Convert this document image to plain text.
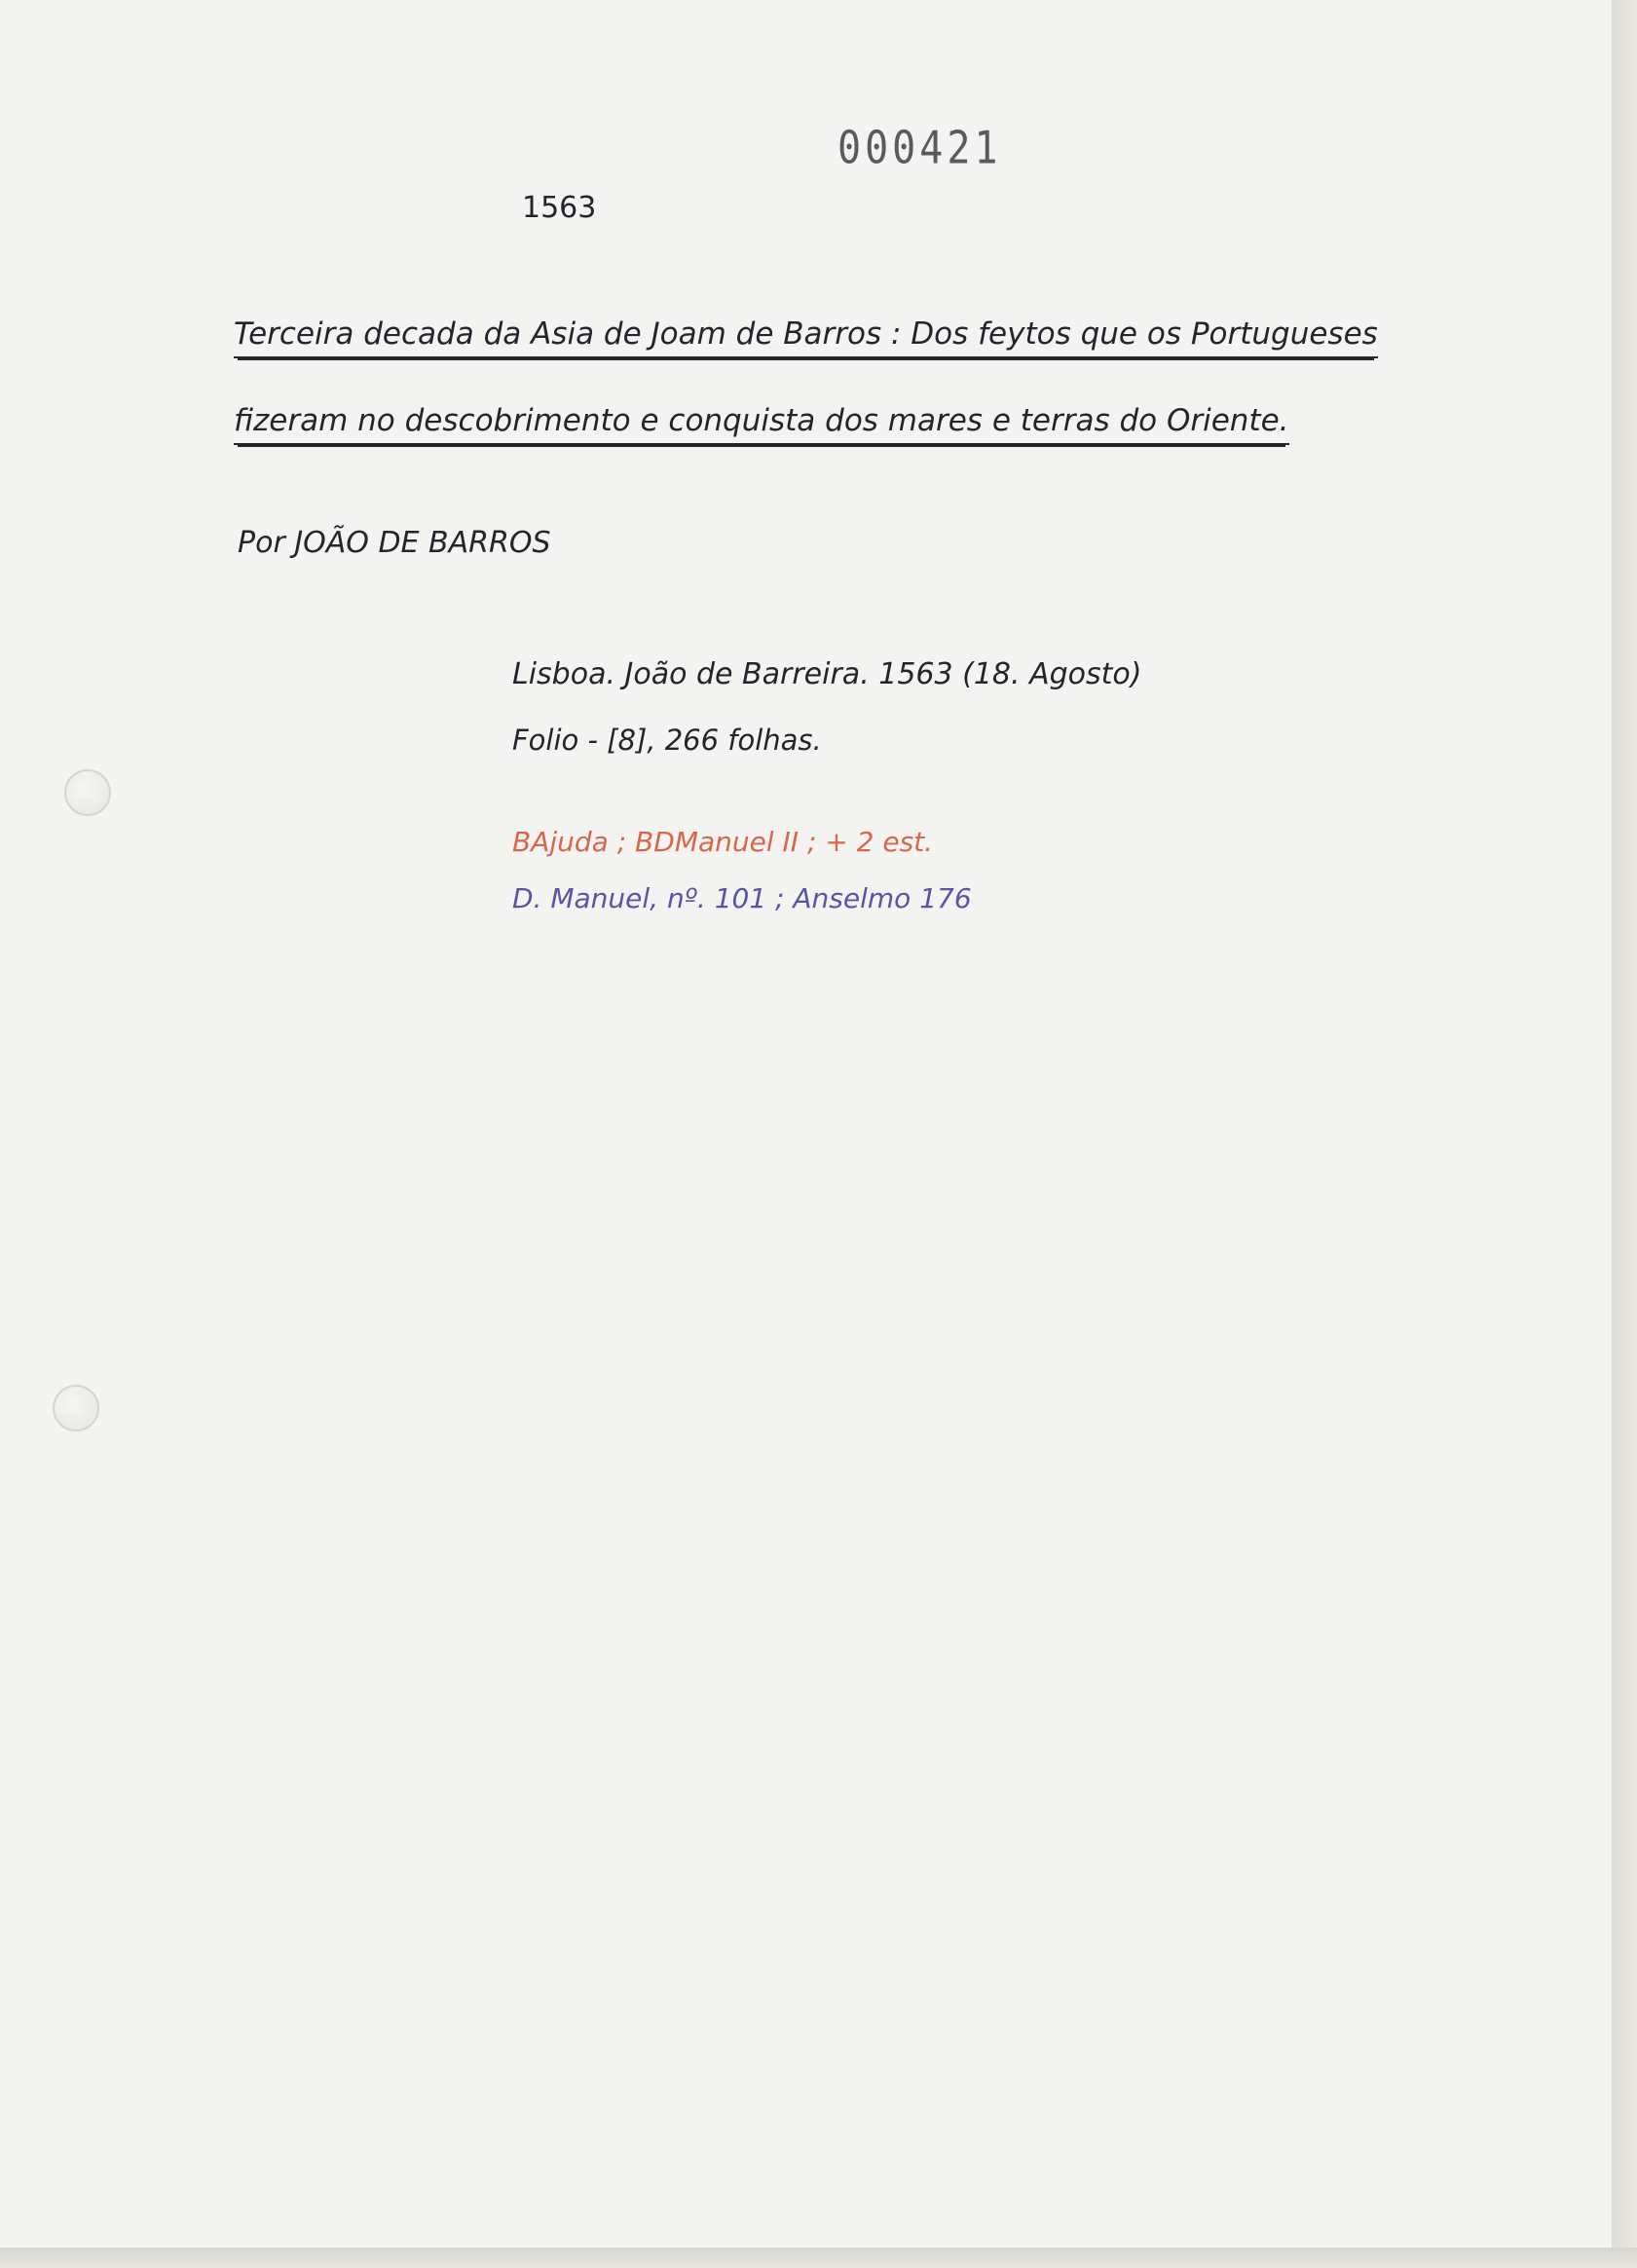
000421
1563
Terceira decada da Asia de Joam de Barros : Dos feytos que os Portugueses
fizeram no descobrimento e conquista dos mares e terras do Oriente.
Por JOÃO DE BARROS
Lisboa. João de Barreira. 1563 (18. Agosto)
Folio - [8], 266 folhas.
BAjuda ; BDManuel II ; + 2 est.
D. Manuel, nº. 101 ; Anselmo 176
